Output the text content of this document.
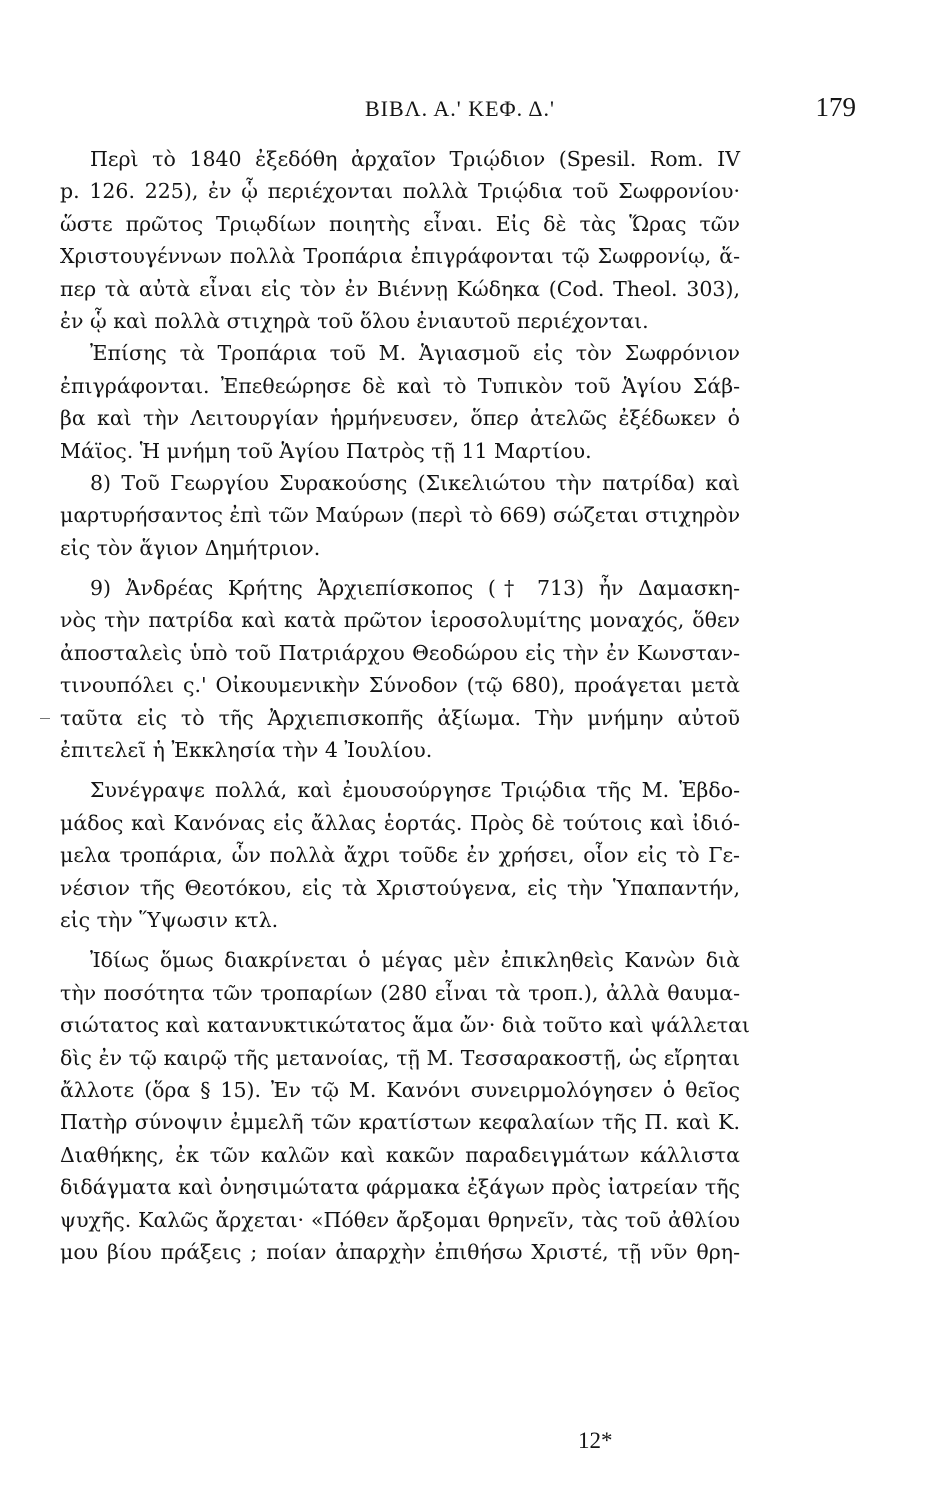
ΒΙΒΛ. Α.' ΚΕΦ. Δ.'	179
Περὶ τὸ 1840 ἐξεδόθη ἀρχαῖον Τριῴδιον (Spesil. Rom. IV
p. 126. 225), ἐν ᾧ περιέχονται πολλὰ Τριῴδια τοῦ Σωφρονίου·
ὥστε πρῶτος Τριῳδίων ποιητὴς εἶναι. Εἰς δὲ τὰς Ὥρας τῶν
Χριστουγέννων πολλὰ Τροπάρια ἐπιγράφονται τῷ Σωφρονίῳ, ἅ-
περ τὰ αὐτὰ εἶναι εἰς τὸν ἐν Βιέννῃ Κώδηκα (Cod. Theol. 303),
ἐν ᾧ καὶ πολλὰ στιχηρὰ τοῦ ὅλου ἐνιαυτοῦ περιέχονται.
Ἐπίσης τὰ Τροπάρια τοῦ Μ. Ἁγιασμοῦ εἰς τὸν Σωφρόνιον
ἐπιγράφονται. Ἐπεθεώρησε δὲ καὶ τὸ Τυπικὸν τοῦ Ἁγίου Σάβ-
βα καὶ τὴν Λειτουργίαν ἡρμήνευσεν, ὅπερ ἀτελῶς ἐξέδωκεν ὁ
Μάϊος. Ἡ μνήμη τοῦ Ἁγίου Πατρὸς τῇ 11 Μαρτίου.
8) Τοῦ Γεωργίου Συρακούσης (Σικελιώτου τὴν πατρίδα) καὶ
μαρτυρήσαντος ἐπὶ τῶν Μαύρων (περὶ τὸ 669) σώζεται στιχηρὸν
εἰς τὸν ἅγιον Δημήτριον.
9) Ἀνδρέας Κρήτης Ἀρχιεπίσκοπος († 713) ἦν Δαμασκη-
νὸς τὴν πατρίδα καὶ κατὰ πρῶτον ἱεροσολυμίτης μοναχός, ὅθεν
ἀποσταλεὶς ὑπὸ τοῦ Πατριάρχου Θεοδώρου εἰς τὴν ἐν Κωνσταν-
τινουπόλει ς.' Οἰκουμενικὴν Σύνοδον (τῷ 680), προάγεται μετὰ
ταῦτα εἰς τὸ τῆς Ἀρχιεπισκοπῆς ἀξίωμα. Τὴν μνήμην αὐτοῦ
ἐπιτελεῖ ἡ Ἐκκλησία τὴν 4 Ἰουλίου.
Συνέγραψε πολλά, καὶ ἐμουσούργησε Τριῴδια τῆς Μ. Ἑβδο-
μάδος καὶ Κανόνας εἰς ἄλλας ἑορτάς. Πρὸς δὲ τούτοις καὶ ἰδιό-
μελα τροπάρια, ὧν πολλὰ ἄχρι τοῦδε ἐν χρήσει, οἷον εἰς τὸ Γε-
νέσιον τῆς Θεοτόκου, εἰς τὰ Χριστούγενα, εἰς τὴν Ὑπαπαντήν,
εἰς τὴν Ὕψωσιν κτλ.
Ἰδίως ὅμως διακρίνεται ὁ μέγας μὲν ἐπικληθεὶς Κανὼν διὰ
τὴν ποσότητα τῶν τροπαρίων (280 εἶναι τὰ τροπ.), ἀλλὰ θαυμα-
σιώτατος καὶ κατανυκτικώτατος ἅμα ὤν· διὰ τοῦτο καὶ ψάλλεται
δὶς ἐν τῷ καιρῷ τῆς μετανοίας, τῇ Μ. Τεσσαρακοστῇ, ὡς εἴρηται
ἄλλοτε (ὅρα § 15). Ἐν τῷ Μ. Κανόνι συνειρμολόγησεν ὁ θεῖος
Πατὴρ σύνοψιν ἐμμελῆ τῶν κρατίστων κεφαλαίων τῆς Π. καὶ Κ.
Διαθήκης, ἐκ τῶν καλῶν καὶ κακῶν παραδειγμάτων κάλλιστα
διδάγματα καὶ ὀνησιμώτατα φάρμακα ἐξάγων πρὸς ἰατρείαν τῆς
ψυχῆς. Καλῶς ἄρχεται· «Πόθεν ἄρξομαι θρηνεῖν, τὰς τοῦ ἀθλίου
μου βίου πράξεις ; ποίαν ἀπαρχὴν ἐπιθήσω Χριστέ, τῇ νῦν θρη-
12*
